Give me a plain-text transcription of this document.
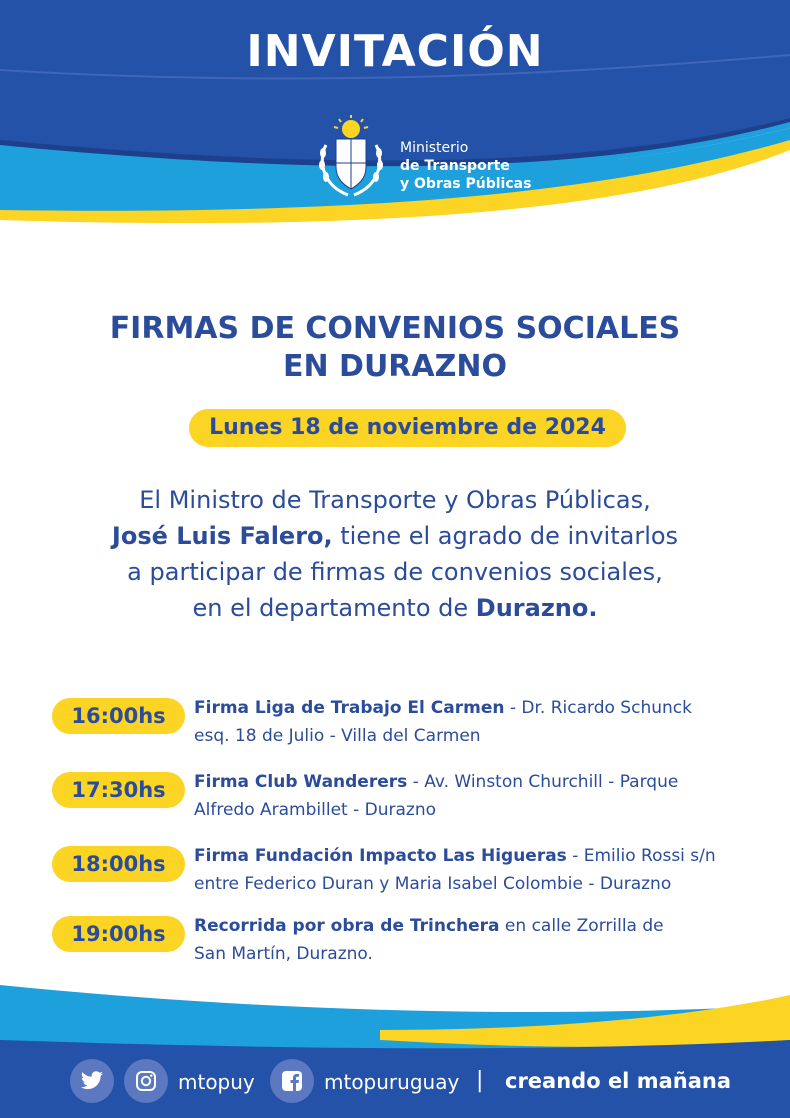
INVITACIÓN
Ministerio
de Transporte
y Obras Públicas
FIRMAS DE CONVENIOS SOCIALES
EN DURAZNO
Lunes 18 de noviembre de 2024
El Ministro de Transporte y Obras Públicas,
José Luis Falero, tiene el agrado de invitarlos
a participar de firmas de convenios sociales,
en el departamento de Durazno.
16:00hs	Firma Liga de Trabajo El Carmen - Dr. Ricardo Schunck
esq. 18 de Julio - Villa del Carmen
17:30hs	Firma Club Wanderers - Av. Winston Churchill - Parque
Alfredo Arambillet - Durazno
18:00hs	Firma Fundación Impacto Las Higueras - Emilio Rossi s/n
entre Federico Duran y Maria Isabel Colombie - Durazno
19:00hs	Recorrida por obra de Trinchera en calle Zorrilla de
San Martín, Durazno.
mtopuy	mtopuruguay | creando el mañana
